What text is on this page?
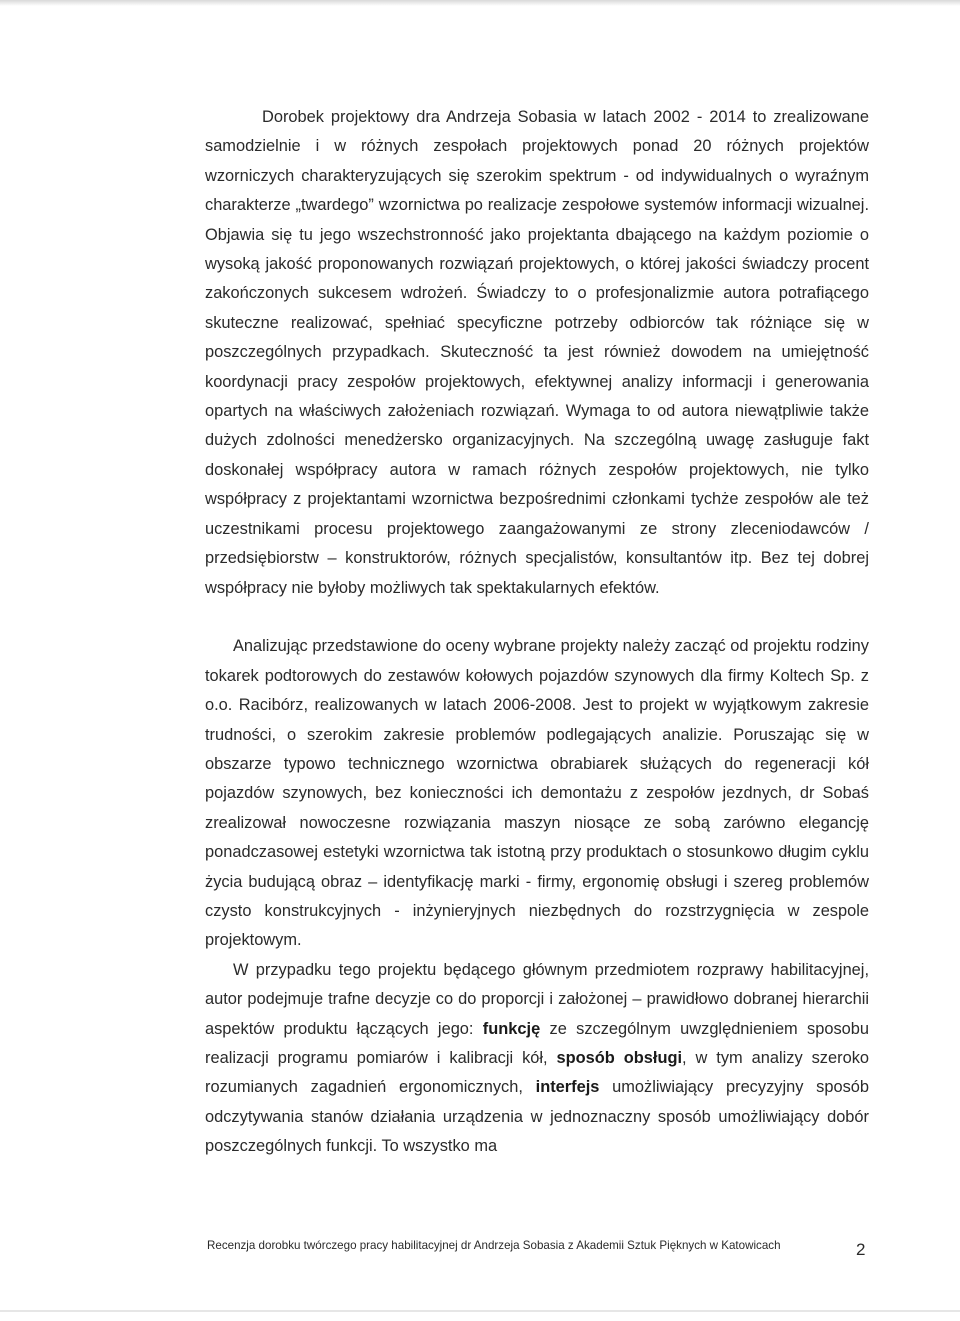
Dorobek projektowy dra Andrzeja Sobasia w latach 2002 - 2014 to zrealizowane samodzielnie i w różnych zespołach projektowych ponad 20 różnych projektów wzorniczych charakteryzujących się szerokim spektrum - od indywidualnych o wyraźnym charakterze „twardego” wzornictwa po realizacje zespołowe systemów informacji wizualnej. Objawia się tu jego wszechstronność jako projektanta dbającego na każdym poziomie o wysoką jakość proponowanych rozwiązań projektowych, o której jakości świadczy procent zakończonych sukcesem wdrożeń. Świadczy to o profesjonalizmie autora potrafiącego skuteczne realizować, spełniać specyficzne potrzeby odbiorców tak różniące się w poszczególnych przypadkach. Skuteczność ta jest również dowodem na umiejętność koordynacji pracy zespołów projektowych, efektywnej analizy informacji i generowania opartych na właściwych założeniach rozwiązań. Wymaga to od autora niewątpliwie także dużych zdolności menedżersko organizacyjnych. Na szczególną uwagę zasługuje fakt doskonałej współpracy autora w ramach różnych zespołów projektowych, nie tylko współpracy z projektantami wzornictwa bezpośrednimi członkami tychże zespołów ale też uczestnikami procesu projektowego zaangażowanymi ze strony zleceniodawców / przedsiębiorstw – konstruktorów, różnych specjalistów, konsultantów itp. Bez tej dobrej współpracy nie byłoby możliwych tak spektakularnych efektów.

Analizując przedstawione do oceny wybrane projekty należy zacząć od projektu rodziny tokarek podtorowych do zestawów kołowych pojazdów szynowych dla firmy Koltech Sp. z o.o. Racibórz, realizowanych w latach 2006-2008. Jest to projekt w wyjątkowym zakresie trudności, o szerokim zakresie problemów podlegających analizie. Poruszając się w obszarze typowo technicznego wzornictwa obrabiarek służących do regeneracji kół pojazdów szynowych, bez konieczności ich demontażu z zespołów jezdnych, dr Sobaś zrealizował nowoczesne rozwiązania maszyn niosące ze sobą zarówno elegancję ponadczasowej estetyki wzornictwa tak istotną przy produktach o stosunkowo długim cyklu życia budującą obraz – identyfikację marki - firmy, ergonomię obsługi i szereg problemów czysto konstrukcyjnych - inżynieryjnych niezbędnych do rozstrzygnięcia w zespole projektowym.

W przypadku tego projektu będącego głównym przedmiotem rozprawy habilitacyjnej, autor podejmuje trafne decyzje co do proporcji i założonej – prawidłowo dobranej hierarchii aspektów produktu łączących jego: funkcję ze szczególnym uwzględnieniem sposobu realizacji programu pomiarów i kalibracji kół, sposób obsługi, w tym analizy szeroko rozumianych zagadnień ergonomicznych, interfejs umożliwiający precyzyjny sposób odczytywania stanów działania urządzenia w jednoznaczny sposób umożliwiający dobór poszczególnych funkcji. To wszystko ma

Recenzja dorobku twórczego pracy habilitacyjnej dr Andrzeja Sobasia z Akademii Sztuk Pięknych w Katowicach	2
